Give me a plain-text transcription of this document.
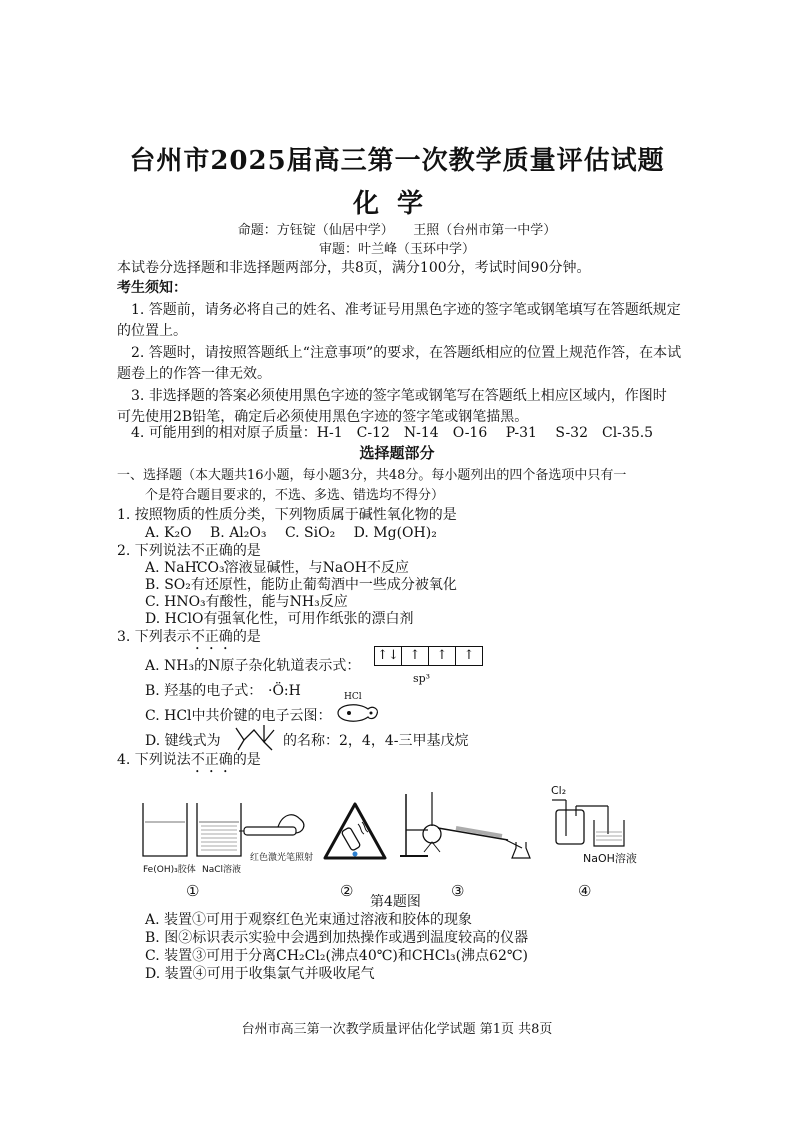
台州市2025届高三第一次教学质量评估试题
化学
命题：方钰锭（仙居中学）　　王照（台州市第一中学）
审题：叶兰峰（玉环中学）
本试卷分选择题和非选择题两部分，共8页，满分100分，考试时间90分钟。
考生须知：
1. 答题前，请务必将自己的姓名、准考证号用黑色字迹的签字笔或钢笔填写在答题纸规定
的位置上。
2. 答题时，请按照答题纸上“注意事项”的要求，在答题纸相应的位置上规范作答，在本试
题卷上的作答一律无效。
3. 非选择题的答案必须使用黑色字迹的签字笔或钢笔写在答题纸上相应区域内，作图时
可先使用2B铅笔，确定后必须使用黑色字迹的签字笔或钢笔描黑。
4. 可能用到的相对原子质量：H-1　C-12　N-14　O-16　 P-31　 S-32　Cl-35.5
选择题部分
一、选择题（本大题共16小题，每小题3分，共48分。每小题列出的四个备选项中只有一
个是符合题目要求的，不选、多选、错选均不得分）
1. 按照物质的性质分类，下列物质属于碱性氧化物的是
A. K₂O　 B. Al₂O₃　 C. SiO₂　 D. Mg(OH)₂
2. 下列说法不正确的是
A. NaHCO₃溶液显碱性，与NaOH不反应
B. SO₂有还原性，能防止葡萄酒中一些成分被氧化
C. HNO₃有酸性，能与NH₃反应
D. HClO有强氧化性，可用作纸张的漂白剂
3. 下列表示不正确的是
A. NH₃的N原子杂化轨道表示式：
↑↓ ↑	↑	↑
sp³
B. 羟基的电子式： ·Ö:H
C. HCl中共价键的电子云图：
HCl
D. 键线式为	的名称：2，4，4-三甲基戊烷
4. 下列说法不正确的是
Fe(OH)₃胶体 NaCl溶液
红色激光笔照射
Cl₂
NaOH溶液
①	②	③	④
第4题图
A. 装置①可用于观察红色光束通过溶液和胶体的现象
B. 图②标识表示实验中会遇到加热操作或遇到温度较高的仪器
C. 装置③可用于分离CH₂Cl₂(沸点40℃)和CHCl₃(沸点62℃)
D. 装置④可用于收集氯气并吸收尾气
台州市高三第一次教学质量评估化学试题 第1页 共8页
